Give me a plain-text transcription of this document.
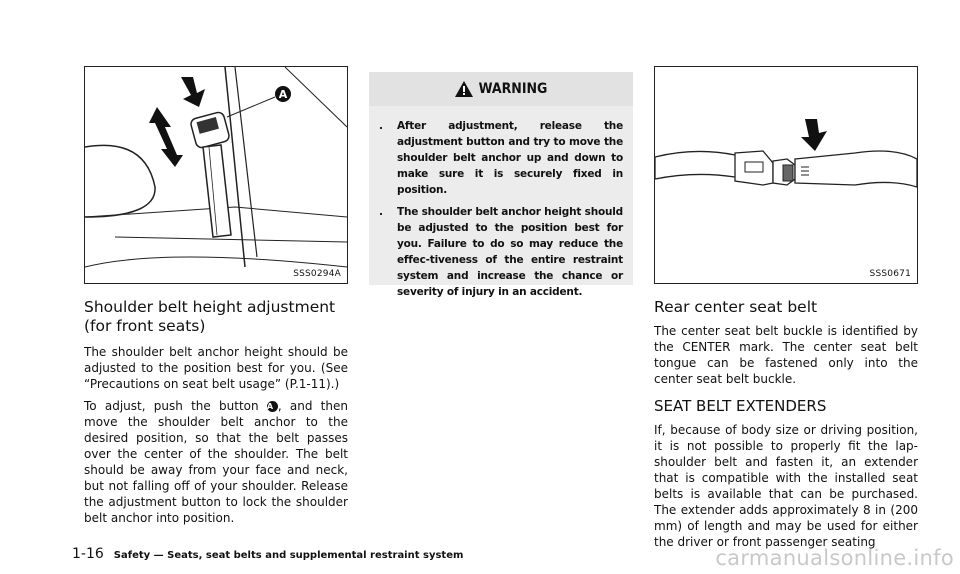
A
SSS0294A
Shoulder belt height adjustment
(for front seats)

The shoulder belt anchor height should be adjusted to the position best for you. (See “Precautions on seat belt usage” (P.1-11).)

To adjust, push the button A , and then move the shoulder belt anchor to the desired position, so that the belt passes over the center of the shoulder. The belt should be away from your face and neck, but not falling off of your shoulder. Release the adjustment button to lock the shoulder belt anchor into position.

WARNING
. After adjustment, release the adjustment button and try to move the shoulder belt anchor up and down to make sure it is securely fixed in position.
. The shoulder belt anchor height should be adjusted to the position best for you. Failure to do so may reduce the effec-tiveness of the entire restraint system and increase the chance or severity of injury in an accident.
SSS0671
Rear center seat belt

The center seat belt buckle is identified by the CENTER mark. The center seat belt tongue can be fastened only into the center seat belt buckle.

SEAT BELT EXTENDERS

If, because of body size or driving position, it is not possible to properly fit the lap-shoulder belt and fasten it, an extender that is compatible with the installed seat belts is available that can be purchased. The extender adds approximately 8 in (200 mm) of length and may be used for either the driver or front passenger seating

1-16 Safety — Seats, seat belts and supplemental restraint system	carmanualsonline.info
